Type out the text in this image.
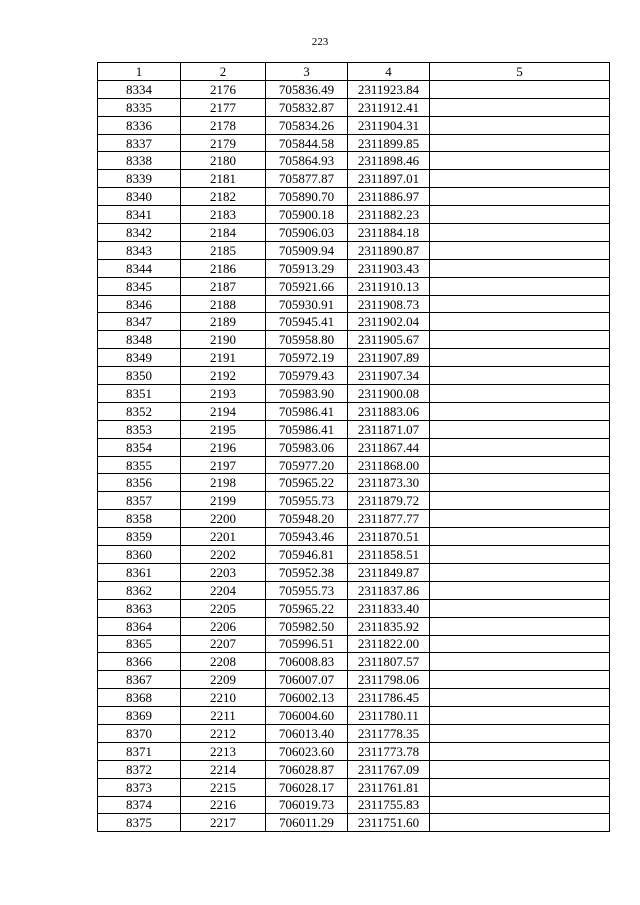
223
1	2	3	4	5
8334	2176	705836.49	2311923.84	
8335	2177	705832.87	2311912.41	
8336	2178	705834.26	2311904.31	
8337	2179	705844.58	2311899.85	
8338	2180	705864.93	2311898.46	
8339	2181	705877.87	2311897.01	
8340	2182	705890.70	2311886.97	
8341	2183	705900.18	2311882.23	
8342	2184	705906.03	2311884.18	
8343	2185	705909.94	2311890.87	
8344	2186	705913.29	2311903.43	
8345	2187	705921.66	2311910.13	
8346	2188	705930.91	2311908.73	
8347	2189	705945.41	2311902.04	
8348	2190	705958.80	2311905.67	
8349	2191	705972.19	2311907.89	
8350	2192	705979.43	2311907.34	
8351	2193	705983.90	2311900.08	
8352	2194	705986.41	2311883.06	
8353	2195	705986.41	2311871.07	
8354	2196	705983.06	2311867.44	
8355	2197	705977.20	2311868.00	
8356	2198	705965.22	2311873.30	
8357	2199	705955.73	2311879.72	
8358	2200	705948.20	2311877.77	
8359	2201	705943.46	2311870.51	
8360	2202	705946.81	2311858.51	
8361	2203	705952.38	2311849.87	
8362	2204	705955.73	2311837.86	
8363	2205	705965.22	2311833.40	
8364	2206	705982.50	2311835.92	
8365	2207	705996.51	2311822.00	
8366	2208	706008.83	2311807.57	
8367	2209	706007.07	2311798.06	
8368	2210	706002.13	2311786.45	
8369	2211	706004.60	2311780.11	
8370	2212	706013.40	2311778.35	
8371	2213	706023.60	2311773.78	
8372	2214	706028.87	2311767.09	
8373	2215	706028.17	2311761.81	
8374	2216	706019.73	2311755.83	
8375	2217	706011.29	2311751.60	
